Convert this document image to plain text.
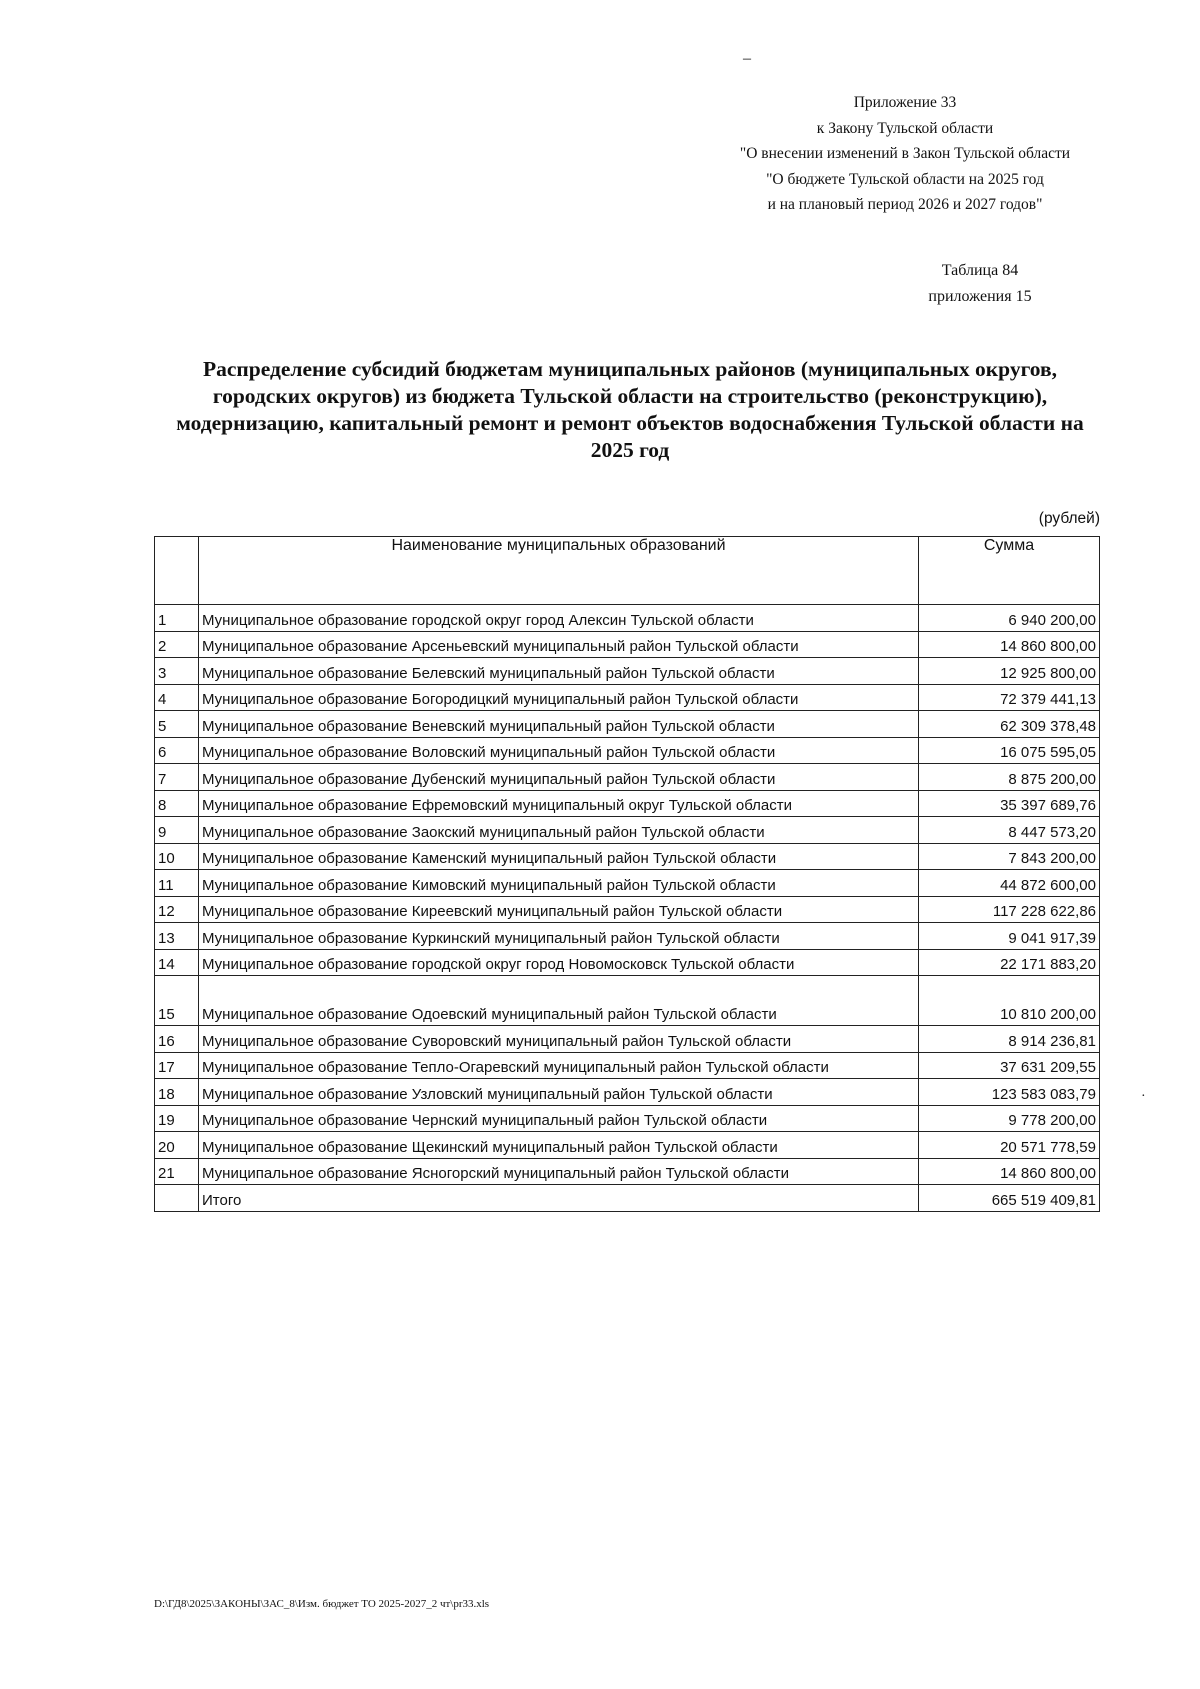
–
Приложение 33
к Закону Тульской области
"О внесении изменений в Закон Тульской области
"О бюджете Тульской области на 2025 год
и на плановый период 2026 и 2027 годов"
Таблица 84
приложения 15
Распределение субсидий бюджетам муниципальных районов (муниципальных округов, городских округов) из бюджета Тульской области на строительство (реконструкцию), модернизацию, капитальный ремонт и ремонт объектов водоснабжения Тульской области на 2025 год
(рублей)
	Наименование муниципальных образований	Сумма
1	Муниципальное образование городской округ город Алексин Тульской области	6 940 200,00
2	Муниципальное образование Арсеньевский муниципальный район Тульской области	14 860 800,00
3	Муниципальное образование Белевский муниципальный район Тульской области	12 925 800,00
4	Муниципальное образование Богородицкий муниципальный район Тульской области	72 379 441,13
5	Муниципальное образование Веневский муниципальный район Тульской области	62 309 378,48
6	Муниципальное образование Воловский муниципальный район Тульской области	16 075 595,05
7	Муниципальное образование Дубенский муниципальный район Тульской области	8 875 200,00
8	Муниципальное образование Ефремовский муниципальный округ Тульской области	35 397 689,76
9	Муниципальное образование Заокский муниципальный район Тульской области	8 447 573,20
10	Муниципальное образование Каменский муниципальный район Тульской области	7 843 200,00
11	Муниципальное образование Кимовский муниципальный район Тульской области	44 872 600,00
12	Муниципальное образование Киреевский муниципальный район Тульской области	117 228 622,86
13	Муниципальное образование Куркинский муниципальный район Тульской области	9 041 917,39
14	Муниципальное образование городской округ город Новомосковск Тульской области	22 171 883,20
15	Муниципальное образование Одоевский муниципальный район Тульской области	10 810 200,00
16	Муниципальное образование Суворовский муниципальный район Тульской области	8 914 236,81
17	Муниципальное образование Тепло-Огаревский муниципальный район Тульской области	37 631 209,55
18	Муниципальное образование Узловский муниципальный район Тульской области	123 583 083,79
19	Муниципальное образование Чернский муниципальный район Тульской области	9 778 200,00
20	Муниципальное образование Щекинский муниципальный район Тульской области	20 571 778,59
21	Муниципальное образование Ясногорский муниципальный район Тульской области	14 860 800,00
	Итого	665 519 409,81
·
D:\ГД8\2025\ЗАКОНЫ\ЗАС_8\Изм. бюджет ТО 2025-2027_2 чт\pr33.xls
